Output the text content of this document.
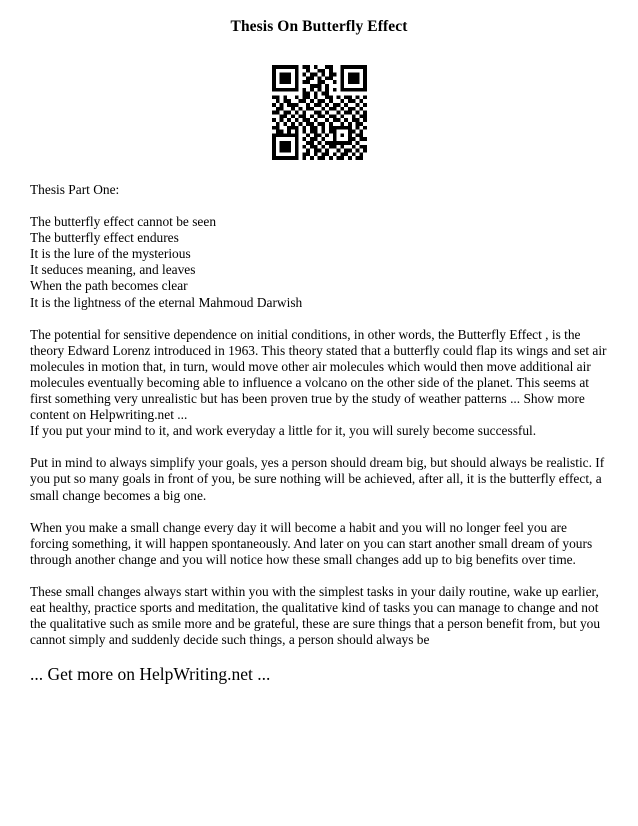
Thesis On Butterfly Effect

Thesis Part One:

The butterfly effect cannot be seen
The butterfly effect endures
It is the lure of the mysterious
It seduces meaning, and leaves
When the path becomes clear
It is the lightness of the eternal Mahmoud Darwish
The potential for sensitive dependence on initial conditions, in other words, the Butterfly Effect , is the theory Edward Lorenz introduced in 1963. This theory stated that a butterfly could flap its wings and set air molecules in motion that, in turn, would move other air molecules which would then move additional air molecules eventually becoming able to influence a volcano on the other side of the planet. This seems at first something very unrealistic but has been proven true by the study of weather patterns ... Show more content on Helpwriting.net ...
If you put your mind to it, and work everyday a little for it, you will surely become successful.

Put in mind to always simplify your goals, yes a person should dream big, but should always be realistic. If you put so many goals in front of you, be sure nothing will be achieved, after all, it is the butterfly effect, a small change becomes a big one.

When you make a small change every day it will become a habit and you will no longer feel you are forcing something, it will happen spontaneously. And later on you can start another small dream of yours through another change and you will notice how these small changes add up to big benefits over time.

These small changes always start within you with the simplest tasks in your daily routine, wake up earlier, eat healthy, practice sports and meditation, the qualitative kind of tasks you can manage to change and not the qualitative such as smile more and be grateful, these are sure things that a person benefit from, but you cannot simply and suddenly decide such things, a person should always be

... Get more on HelpWriting.net ...
